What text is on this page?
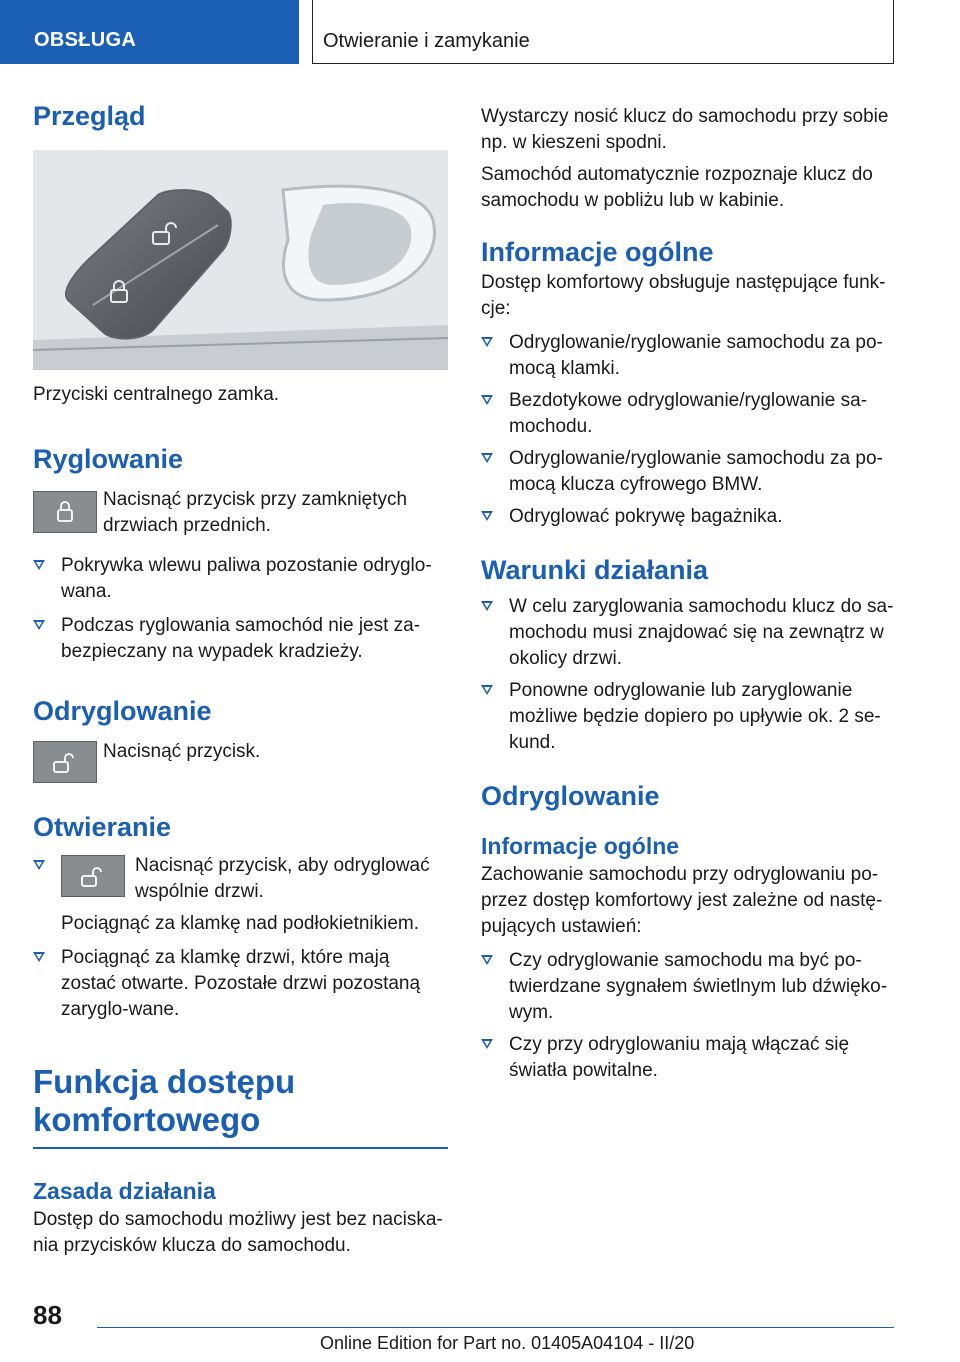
OBSŁUGA	Otwieranie i zamykanie
Przegląd

Przyciski centralnego zamka.

Ryglowanie
Nacisnąć przycisk przy zamkniętych drzwiach przednich.
Pokrywka wlewu paliwa pozostanie odryglo-wana.
Podczas ryglowania samochód nie jest za-bezpieczany na wypadek kradzieży.
Odryglowanie
Nacisnąć przycisk.
Otwieranie
Nacisnąć przycisk, aby odryglować wspólnie drzwi.

Pociągnąć za klamkę nad podłokietnikiem.

Pociągnąć za klamkę drzwi, które mają zostać otwarte. Pozostałe drzwi pozostaną zaryglo-wane.
Funkcja dostępu
komfortowego
Zasada działania

Dostęp do samochodu możliwy jest bez naciska-nia przycisków klucza do samochodu.

Wystarczy nosić klucz do samochodu przy sobie np. w kieszeni spodni.

Samochód automatycznie rozpoznaje klucz do samochodu w pobliżu lub w kabinie.

Informacje ogólne

Dostęp komfortowy obsługuje następujące funk-cje:

Odryglowanie/ryglowanie samochodu za po-mocą klamki.
Bezdotykowe odryglowanie/ryglowanie sa-mochodu.
Odryglowanie/ryglowanie samochodu za po-mocą klucza cyfrowego BMW.
Odryglować pokrywę bagażnika.
Warunki działania
W celu zaryglowania samochodu klucz do sa-mochodu musi znajdować się na zewnątrz w okolicy drzwi.
Ponowne odryglowanie lub zaryglowanie możliwe będzie dopiero po upływie ok. 2 se-kund.
Odryglowanie
Informacje ogólne

Zachowanie samochodu przy odryglowaniu po-przez dostęp komfortowy jest zależne od nastę-pujących ustawień:

Czy odryglowanie samochodu ma być po-twierdzane sygnałem świetlnym lub dźwięko-wym.
Czy przy odryglowaniu mają włączać się światła powitalne.
88
Online Edition for Part no. 01405A04104 - II/20
